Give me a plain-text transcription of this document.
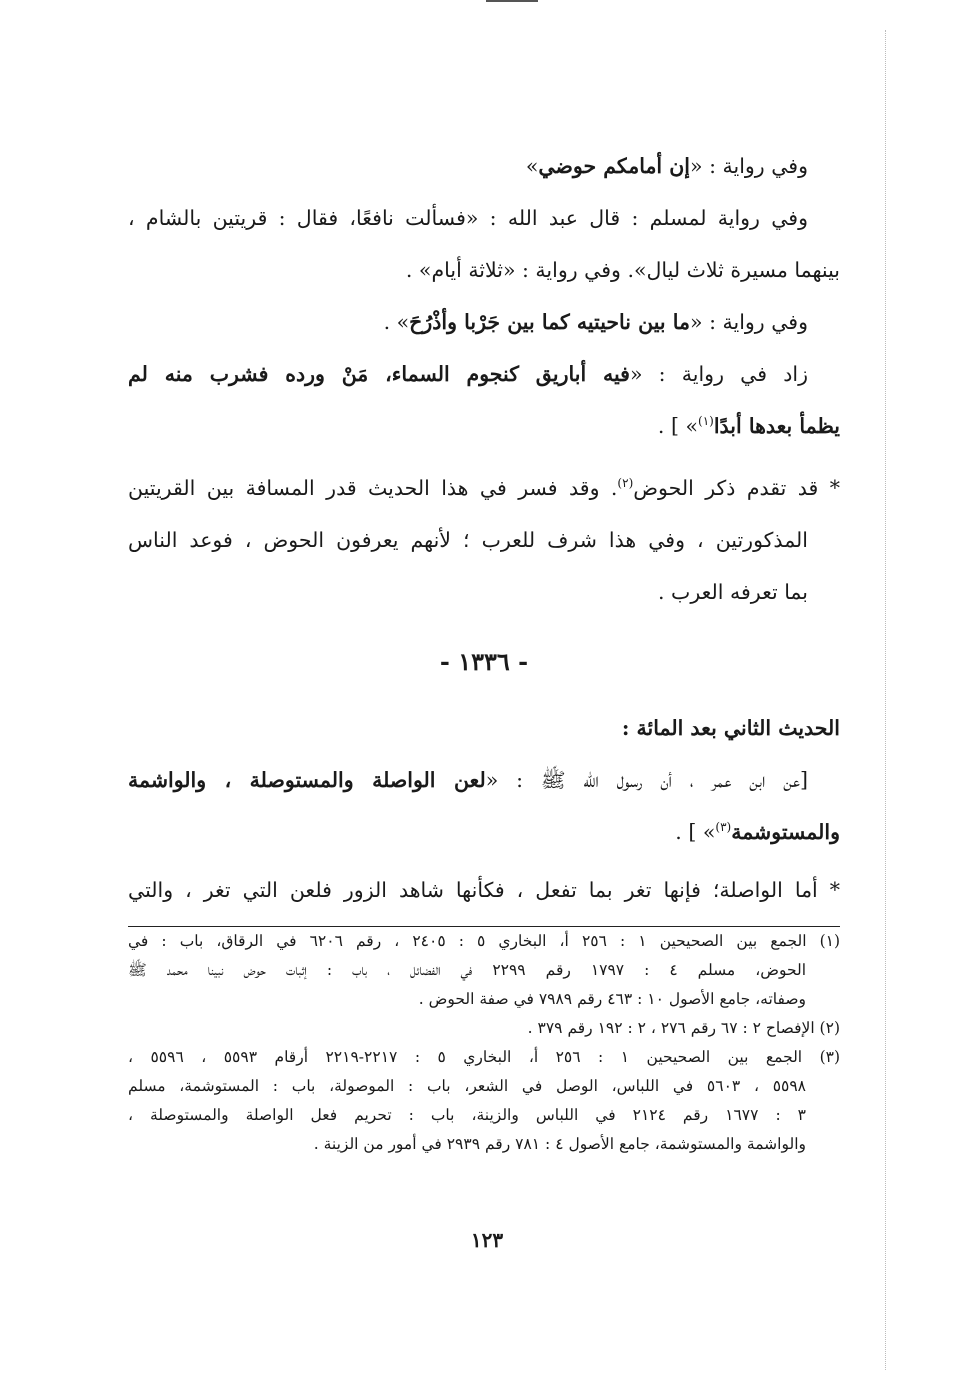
وفي رواية : «إن أمامكم حوضي»
وفي رواية لمسلم : قال عبد الله : «فسألت نافعًا، فقال : قريتين بالشام ،
بينهما مسيرة ثلاث ليال». وفي رواية : «ثلاثة أيام» .
وفي رواية : «ما بين ناحيتيه كما بين جَرْبا وأذْرُحَ» .
زاد في رواية : «فيه أباريق كنجوم السماء، مَنْ ورده فشرب منه لم
يظمأ بعدها أبدًا$^{(١)}$» ] .
* قد تقدم ذكر الحوض$^{(٢)}$. وقد فسر في هذا الحديث قدر المسافة بين القريتين
المذكورتين ، وفي هذا شرف للعرب ؛ لأنهم يعرفون الحوض ، فوعد الناس
بما تعرفه العرب .
- ١٣٣٦ -
الحديث الثاني بعد المائة :
[عن ابن عمر ، أن رسول الله ﷺ : «لعن الواصلة والمستوصلة ، والواشمة
والمستوشمة$^{(٣)}$» ] .
* أما الواصلة؛ فإنها تغر بما تفعل ، فكأنها شاهد الزور فلعن التي تغر ، والتي
(١) الجمع بين الصحيحين ١ : ٢٥٦ أ، البخاري ٥ : ٢٤٠٥ ، رقم ٦٢٠٦ في الرقاق، باب : في
الحوض، مسلم ٤ : ١٧٩٧ رقم ٢٢٩٩ في الفضائل ، باب : إثبات حوض نبينا محمد ﷺ
وصفاته، جامع الأصول ١٠ : ٤٦٣ رقم ٧٩٨٩ في صفة الحوض .
(٢) الإفصاح ٢ : ٦٧ رقم ٢٧٦ ، ٢ : ١٩٢ رقم ٣٧٩ .
(٣) الجمع بين الصحيحين ١ : ٢٥٦ أ، البخاري ٥ : ٢٢١٧-٢٢١٩ أرقام ٥٥٩٣ ، ٥٥٩٦ ،
٥٥٩٨ ، ٥٦٠٣ في اللباس، الوصل في الشعر، باب : الموصولة، باب : المستوشمة، مسلم
٣ : ١٦٧٧ رقم ٢١٢٤ في اللباس والزينة، باب : تحريم فعل الواصلة والمستوصلة ،
والواشمة والمستوشمة، جامع الأصول ٤ : ٧٨١ رقم ٢٩٣٩ في أمور من الزينة .
١٢٣
